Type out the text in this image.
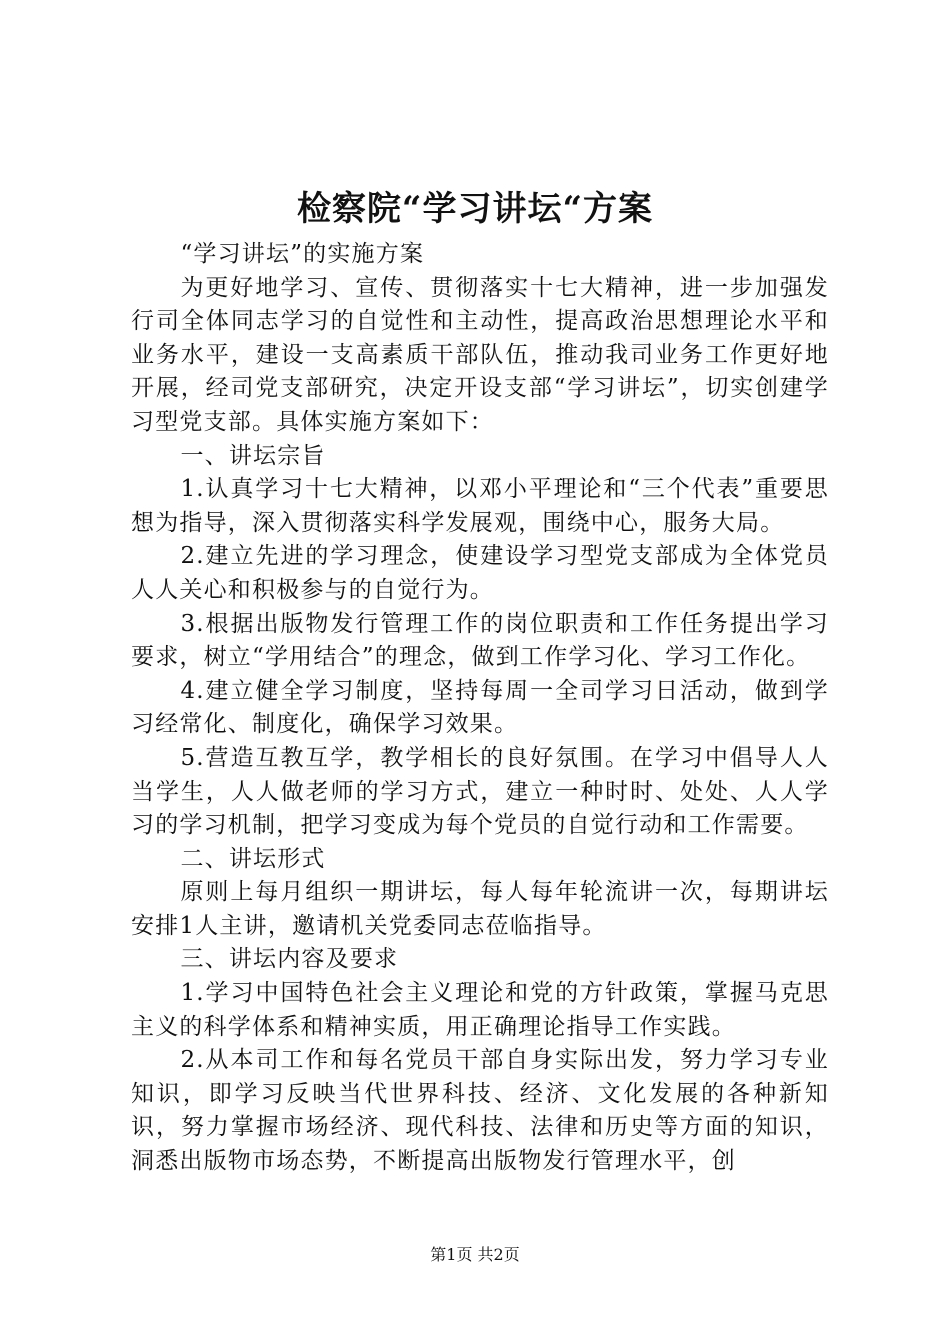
检察院“学习讲坛“方案

“学习讲坛”的实施方案

为更好地学习、宣传、贯彻落实十七大精神，进一步加强发行司全体同志学习的自觉性和主动性，提高政治思想理论水平和业务水平，建设一支高素质干部队伍，推动我司业务工作更好地开展，经司党支部研究，决定开设支部“学习讲坛”，切实创建学习型党支部。具体实施方案如下：

一、讲坛宗旨

1.认真学习十七大精神，以邓小平理论和“三个代表”重要思想为指导，深入贯彻落实科学发展观，围绕中心，服务大局。

2.建立先进的学习理念，使建设学习型党支部成为全体党员人人关心和积极参与的自觉行为。

3.根据出版物发行管理工作的岗位职责和工作任务提出学习要求，树立“学用结合”的理念，做到工作学习化、学习工作化。

4.建立健全学习制度，坚持每周一全司学习日活动，做到学习经常化、制度化，确保学习效果。

5.营造互教互学，教学相长的良好氛围。在学习中倡导人人当学生，人人做老师的学习方式，建立一种时时、处处、人人学习的学习机制，把学习变成为每个党员的自觉行动和工作需要。

二、讲坛形式

原则上每月组织一期讲坛，每人每年轮流讲一次，每期讲坛安排1人主讲，邀请机关党委同志莅临指导。

三、讲坛内容及要求

1.学习中国特色社会主义理论和党的方针政策，掌握马克思主义的科学体系和精神实质，用正确理论指导工作实践。

2.从本司工作和每名党员干部自身实际出发，努力学习专业知识，即学习反映当代世界科技、经济、文化发展的各种新知识，努力掌握市场经济、现代科技、法律和历史等方面的知识，洞悉出版物市场态势，不断提高出版物发行管理水平，创

第1页 共2页
